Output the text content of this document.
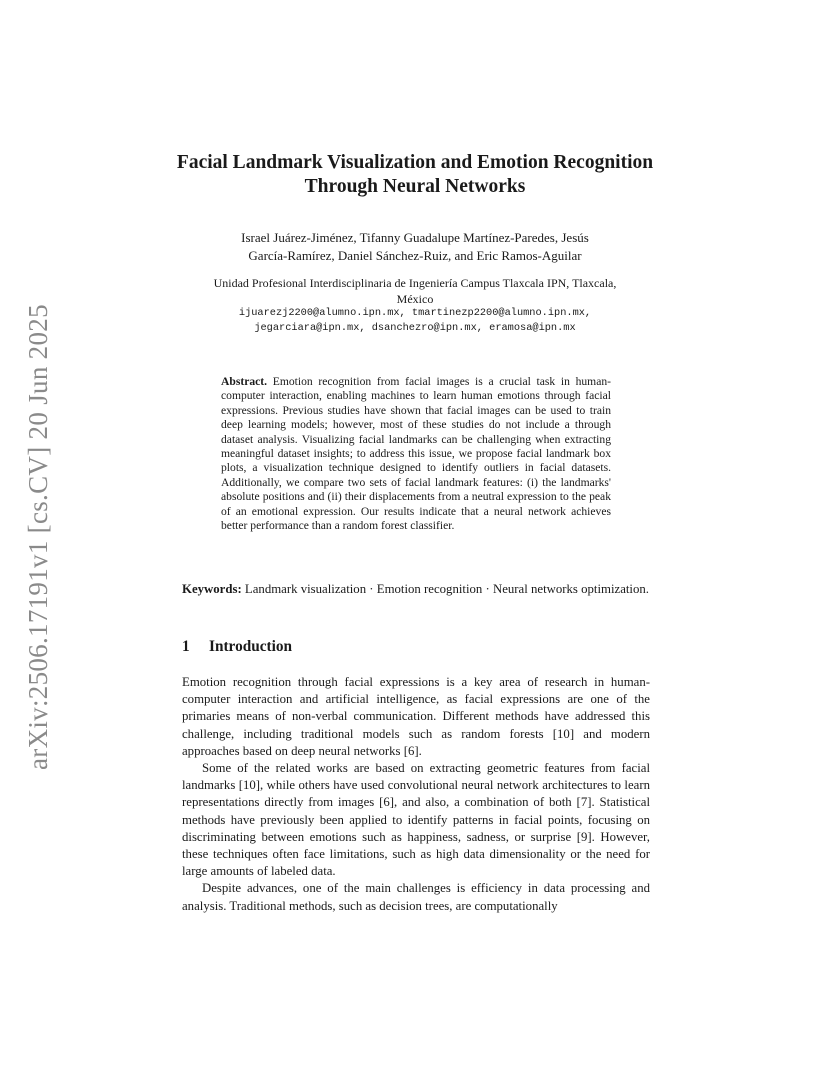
arXiv:2506.17191v1 [cs.CV] 20 Jun 2025
Facial Landmark Visualization and Emotion Recognition Through Neural Networks
Israel Juárez-Jiménez, Tifanny Guadalupe Martínez-Paredes, Jesús
García-Ramírez, Daniel Sánchez-Ruiz, and Eric Ramos-Aguilar
Unidad Profesional Interdisciplinaria de Ingeniería Campus Tlaxcala IPN, Tlaxcala,
México
ijuarezj2200@alumno.ipn.mx, tmartinezp2200@alumno.ipn.mx,
jegarciara@ipn.mx, dsanchezro@ipn.mx, eramosa@ipn.mx
Abstract. Emotion recognition from facial images is a crucial task in human-computer interaction, enabling machines to learn human emotions through facial expressions. Previous studies have shown that facial images can be used to train deep learning models; however, most of these studies do not include a through dataset analysis. Visualizing facial landmarks can be challenging when extracting meaningful dataset insights; to address this issue, we propose facial landmark box plots, a visualization technique designed to identify outliers in facial datasets. Additionally, we compare two sets of facial landmark features: (i) the landmarks' absolute positions and (ii) their displacements from a neutral expression to the peak of an emotional expression. Our results indicate that a neural network achieves better performance than a random forest classifier.
Keywords: Landmark visualization · Emotion recognition · Neural networks optimization.
1 Introduction

Emotion recognition through facial expressions is a key area of research in human-computer interaction and artificial intelligence, as facial expressions are one of the primaries means of non-verbal communication. Different methods have addressed this challenge, including traditional models such as random forests [10] and modern approaches based on deep neural networks [6].

Some of the related works are based on extracting geometric features from facial landmarks [10], while others have used convolutional neural network architectures to learn representations directly from images [6], and also, a combination of both [7]. Statistical methods have previously been applied to identify patterns in facial points, focusing on discriminating between emotions such as happiness, sadness, or surprise [9]. However, these techniques often face limitations, such as high data dimensionality or the need for large amounts of labeled data.

Despite advances, one of the main challenges is efficiency in data processing and analysis. Traditional methods, such as decision trees, are computationally
